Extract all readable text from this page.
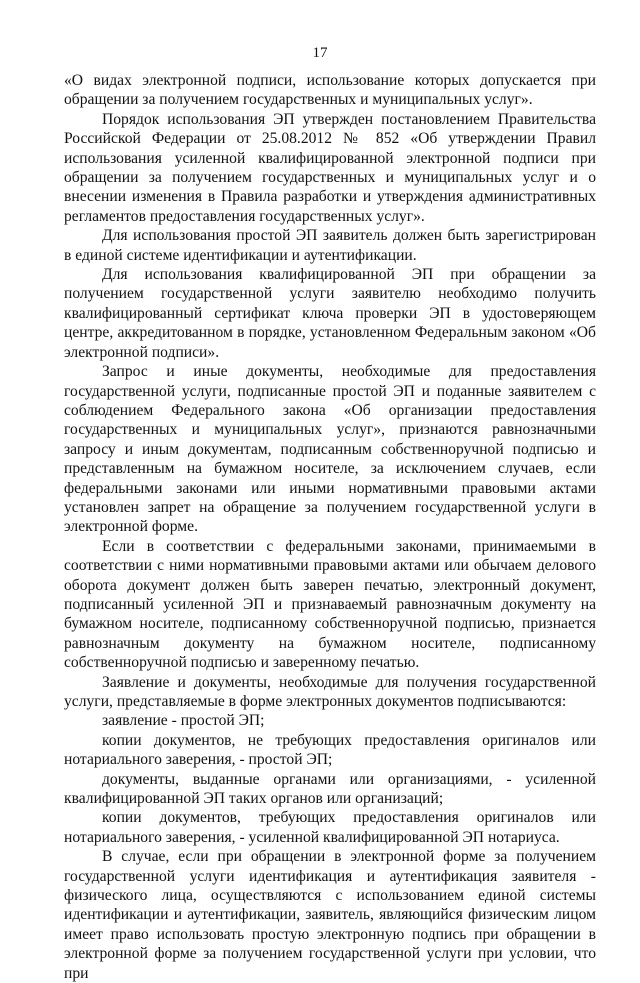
17

«О видах электронной подписи, использование которых допускается при обращении за получением государственных и муниципальных услуг».

Порядок использования ЭП утвержден постановлением Правительства Российской Федерации от 25.08.2012 № 852 «Об утверждении Правил использования усиленной квалифицированной электронной подписи при обращении за получением государственных и муниципальных услуг и о внесении изменения в Правила разработки и утверждения административных регламентов предоставления государственных услуг».

Для использования простой ЭП заявитель должен быть зарегистрирован в единой системе идентификации и аутентификации.

Для использования квалифицированной ЭП при обращении за получением государственной услуги заявителю необходимо получить квалифицированный сертификат ключа проверки ЭП в удостоверяющем центре, аккредитованном в порядке, установленном Федеральным законом «Об электронной подписи».

Запрос и иные документы, необходимые для предоставления государственной услуги, подписанные простой ЭП и поданные заявителем с соблюдением Федерального закона «Об организации предоставления государственных и муниципальных услуг», признаются равнозначными запросу и иным документам, подписанным собственноручной подписью и представленным на бумажном носителе, за исключением случаев, если федеральными законами или иными нормативными правовыми актами установлен запрет на обращение за получением государственной услуги в электронной форме.

Если в соответствии с федеральными законами, принимаемыми в соответствии с ними нормативными правовыми актами или обычаем делового оборота документ должен быть заверен печатью, электронный документ, подписанный усиленной ЭП и признаваемый равнозначным документу на бумажном носителе, подписанному собственноручной подписью, признается равнозначным документу на бумажном носителе, подписанному собственноручной подписью и заверенному печатью.

Заявление и документы, необходимые для получения государственной услуги, представляемые в форме электронных документов подписываются:

заявление - простой ЭП;

копии документов, не требующих предоставления оригиналов или нотариального заверения, - простой ЭП;

документы, выданные органами или организациями, - усиленной квалифицированной ЭП таких органов или организаций;

копии документов, требующих предоставления оригиналов или нотариального заверения, - усиленной квалифицированной ЭП нотариуса.

В случае, если при обращении в электронной форме за получением государственной услуги идентификация и аутентификация заявителя - физического лица, осуществляются с использованием единой системы идентификации и аутентификации, заявитель, являющийся физическим лицом имеет право использовать простую электронную подпись при обращении в электронной форме за получением государственной услуги при условии, что при
